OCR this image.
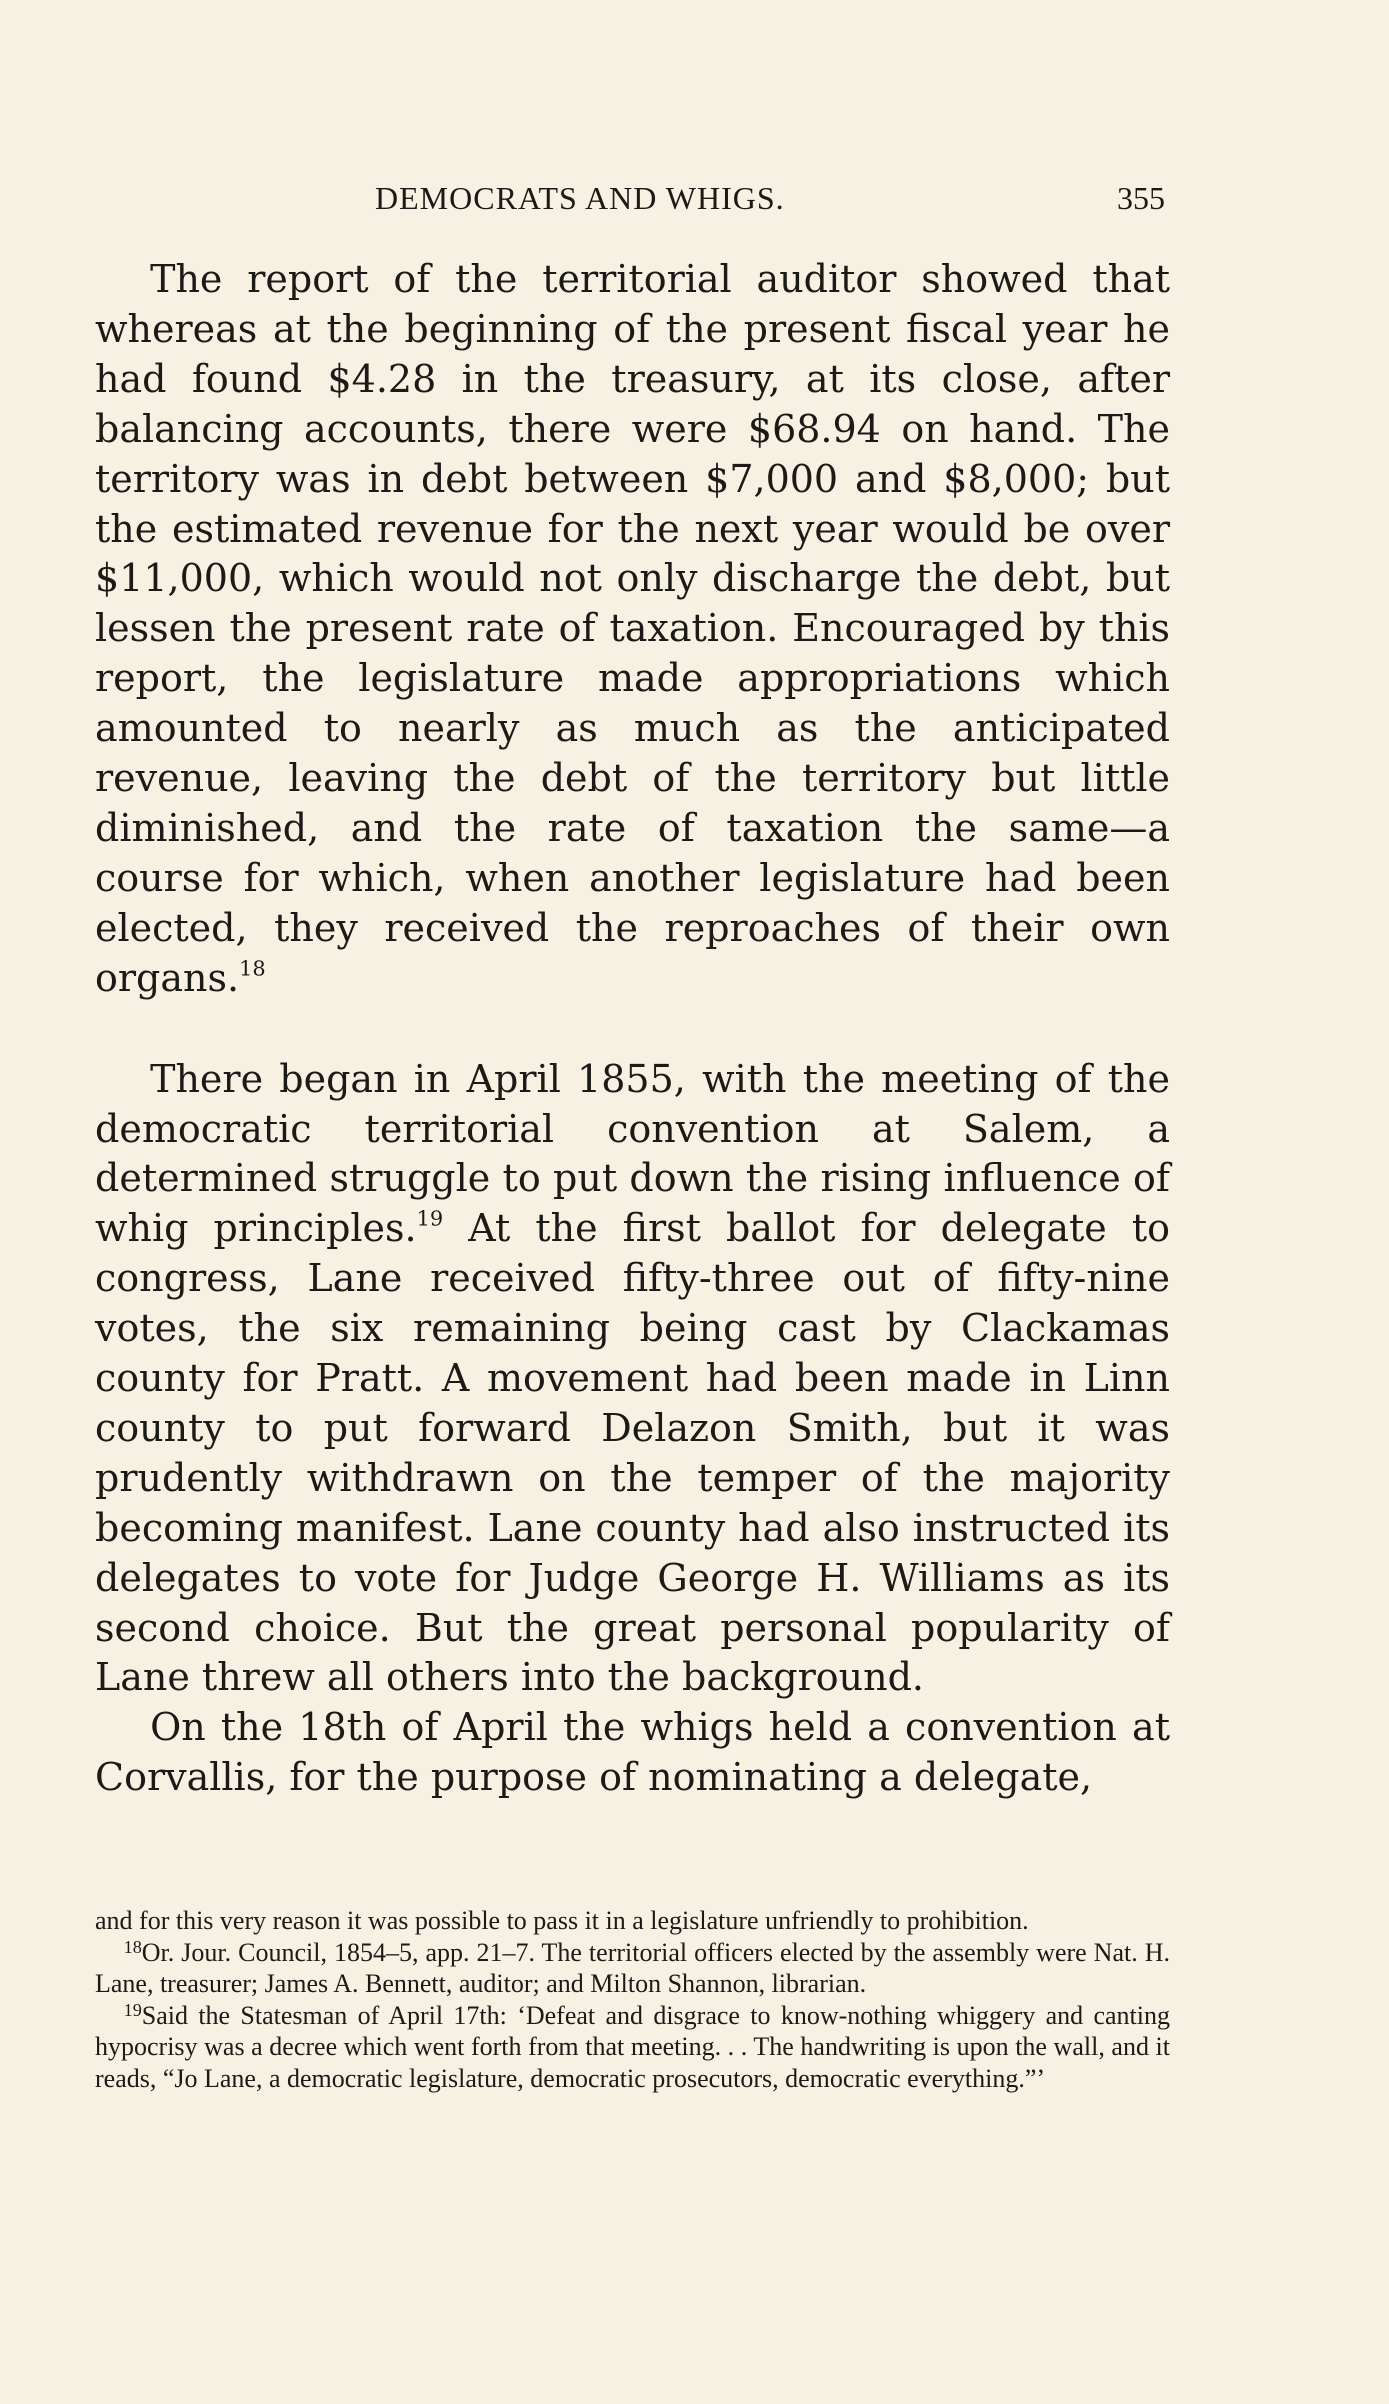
DEMOCRATS AND WHIGS.	355

The report of the territorial auditor showed that whereas at the beginning of the present fiscal year he had found $4.28 in the treasury, at its close, after balancing accounts, there were $68.94 on hand. The territory was in debt between $7,000 and $8,000; but the estimated revenue for the next year would be over $11,000, which would not only discharge the debt, but lessen the present rate of taxation. Encouraged by this report, the legislature made appropriations which amounted to nearly as much as the anticipated revenue, leaving the debt of the territory but little diminished, and the rate of taxation the same—a course for which, when another legislature had been elected, they received the reproaches of their own organs.$^{18}$

There began in April 1855, with the meeting of the democratic territorial convention at Salem, a determined struggle to put down the rising influence of whig principles.$^{19}$ At the first ballot for delegate to congress, Lane received fifty-three out of fifty-nine votes, the six remaining being cast by Clackamas county for Pratt. A movement had been made in Linn county to put forward Delazon Smith, but it was prudently withdrawn on the temper of the majority becoming manifest. Lane county had also instructed its delegates to vote for Judge George H. Williams as its second choice. But the great personal popularity of Lane threw all others into the background.

On the 18th of April the whigs held a convention at Corvallis, for the purpose of nominating a delegate,

and for this very reason it was possible to pass it in a legislature unfriendly to prohibition.

$^{18}$Or. Jour. Council, 1854–5, app. 21–7. The territorial officers elected by the assembly were Nat. H. Lane, treasurer; James A. Bennett, auditor; and Milton Shannon, librarian.

$^{19}$Said the Statesman of April 17th: ‘Defeat and disgrace to know-nothing whiggery and canting hypocrisy was a decree which went forth from that meeting. . . The handwriting is upon the wall, and it reads, “Jo Lane, a democratic legislature, democratic prosecutors, democratic everything.”’
